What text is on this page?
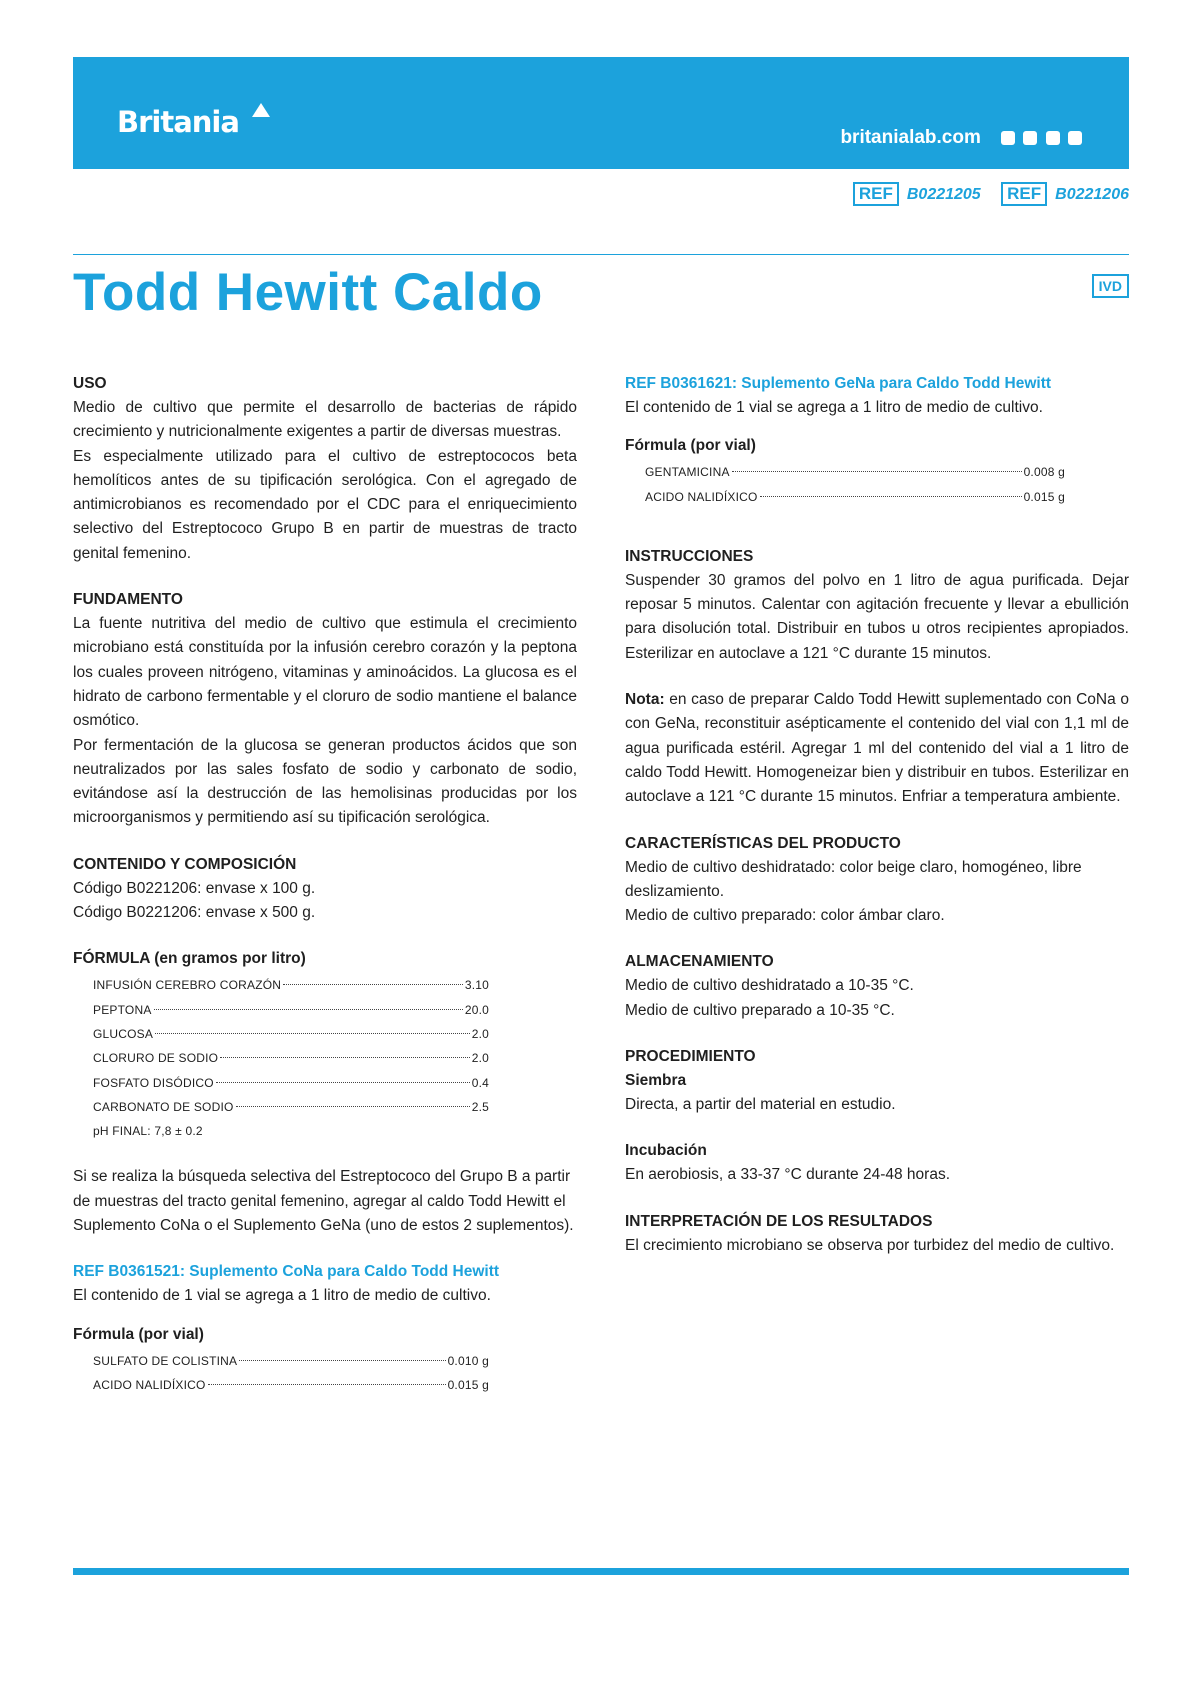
Britania	britanialab.com
REF B0221205 REF B0221206
Todd Hewitt Caldo	IVD
USO

Medio de cultivo que permite el desarrollo de bacterias de rápido crecimiento y nutricionalmente exigentes a partir de diversas muestras.

Es especialmente utilizado para el cultivo de estreptococos beta hemolíticos antes de su tipificación serológica. Con el agregado de antimicrobianos es recomendado por el CDC para el enriquecimiento selectivo del Estreptococo Grupo B en partir de muestras de tracto genital femenino.

FUNDAMENTO

La fuente nutritiva del medio de cultivo que estimula el crecimiento microbiano está constituída por la infusión cerebro corazón y la peptona los cuales proveen nitrógeno, vitaminas y aminoácidos. La glucosa es el hidrato de carbono fermentable y el cloruro de sodio mantiene el balance osmótico.

Por fermentación de la glucosa se generan productos ácidos que son neutralizados por las sales fosfato de sodio y carbonato de sodio, evitándose así la destrucción de las hemolisinas producidas por los microorganismos y permitiendo así su tipificación serológica.

CONTENIDO Y COMPOSICIÓN

Código B0221206: envase x 100 g.

Código B0221206: envase x 500 g.

FÓRMULA (en gramos por litro)
INFUSIÓN CEREBRO CORAZÓN	3.10
PEPTONA	20.0
GLUCOSA	2.0
CLORURO DE SODIO	2.0
FOSFATO DISÓDICO	0.4
CARBONATO DE SODIO	2.5
pH FINAL: 7,8 ± 0.2

Si se realiza la búsqueda selectiva del Estreptococo del Grupo B a partir de muestras del tracto genital femenino, agregar al caldo Todd Hewitt el Suplemento CoNa o el Suplemento GeNa (uno de estos 2 suplementos).

REF B0361521: Suplemento CoNa para Caldo Todd Hewitt

El contenido de 1 vial se agrega a 1 litro de medio de cultivo.

Fórmula (por vial)
SULFATO DE COLISTINA	0.010 g
ACIDO NALIDÍXICO	0.015 g
REF B0361621: Suplemento GeNa para Caldo Todd Hewitt

El contenido de 1 vial se agrega a 1 litro de medio de cultivo.

Fórmula (por vial)
GENTAMICINA	0.008 g
ACIDO NALIDÍXICO	0.015 g
INSTRUCCIONES

Suspender 30 gramos del polvo en 1 litro de agua purificada. Dejar reposar 5 minutos. Calentar con agitación frecuente y llevar a ebullición para disolución total. Distribuir en tubos u otros recipientes apropiados. Esterilizar en autoclave a 121 °C durante 15 minutos.

Nota: en caso de preparar Caldo Todd Hewitt suplementado con CoNa o con GeNa, reconstituir asépticamente el contenido del vial con 1,1 ml de agua purificada estéril. Agregar 1 ml del contenido del vial a 1 litro de caldo Todd Hewitt. Homogeneizar bien y distribuir en tubos. Esterilizar en autoclave a 121 °C durante 15 minutos. Enfriar a temperatura ambiente.

CARACTERÍSTICAS DEL PRODUCTO

Medio de cultivo deshidratado: color beige claro, homogéneo, libre deslizamiento.

Medio de cultivo preparado: color ámbar claro.

ALMACENAMIENTO

Medio de cultivo deshidratado a 10-35 °C.

Medio de cultivo preparado a 10-35 °C.

PROCEDIMIENTO
Siembra

Directa, a partir del material en estudio.

Incubación

En aerobiosis, a 33-37 °C durante 24-48 horas.

INTERPRETACIÓN DE LOS RESULTADOS

El crecimiento microbiano se observa por turbidez del medio de cultivo.
